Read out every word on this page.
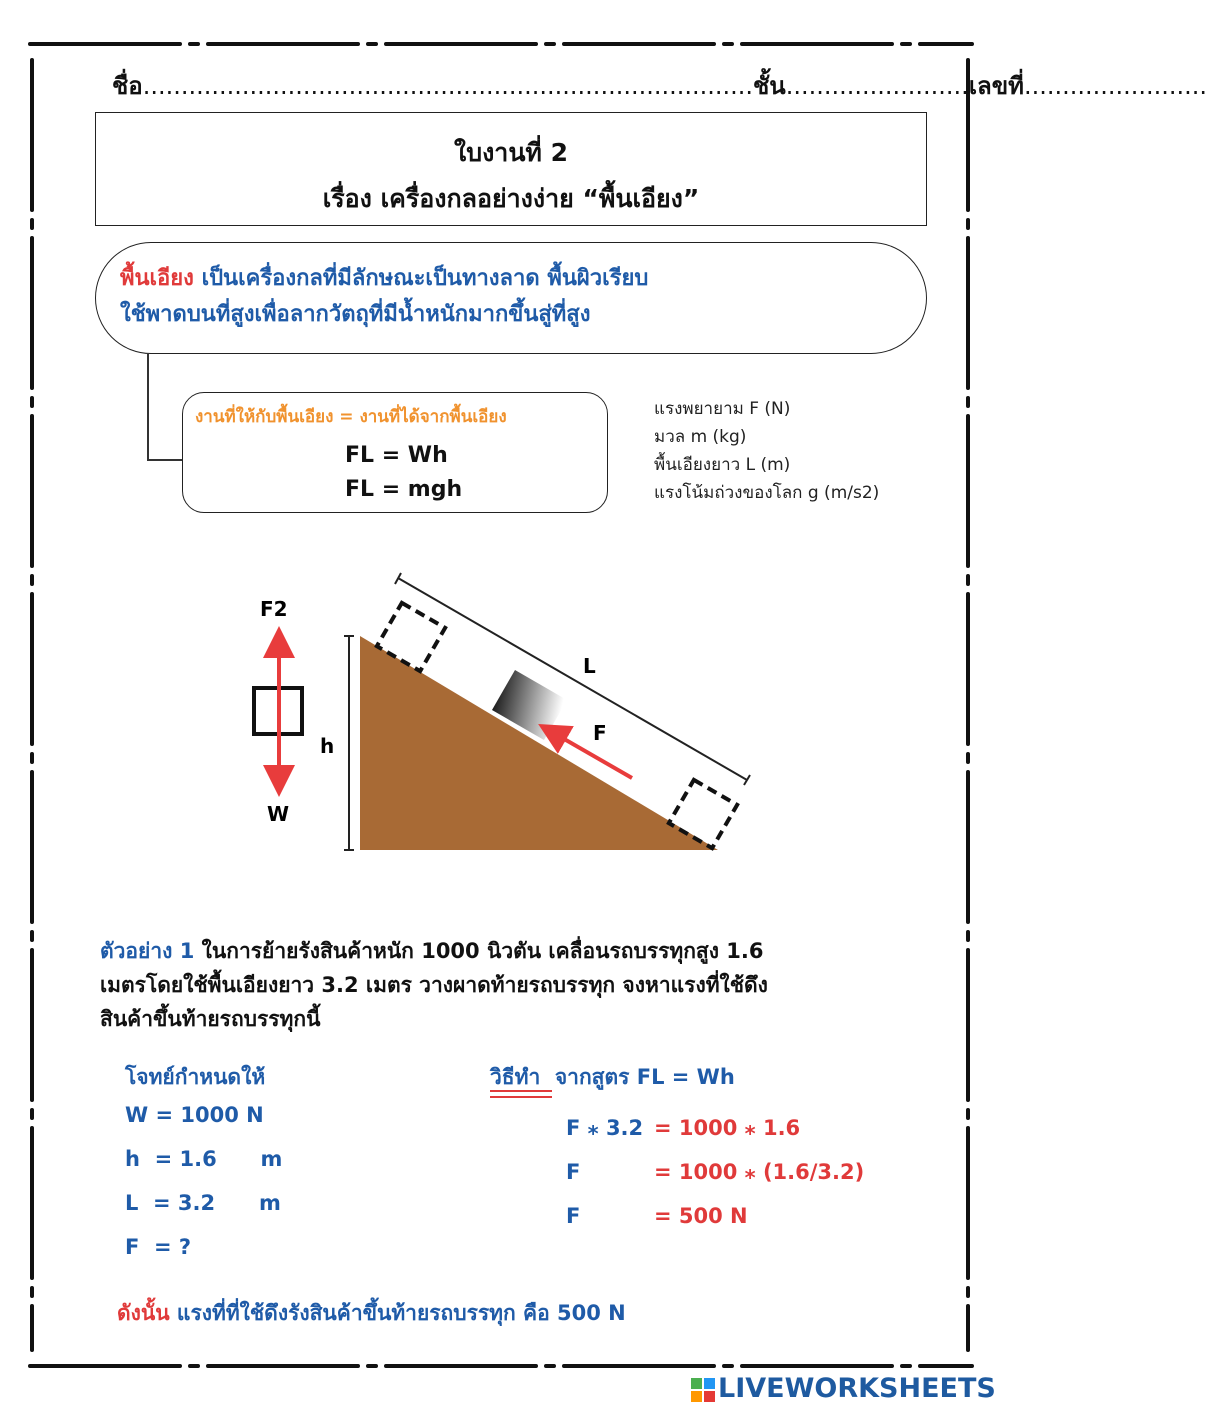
ชื่อ................................................................................ชั้น........................เลขที่........................
ใบงานที่ 2
เรื่อง เครื่องกลอย่างง่าย “พื้นเอียง”
พื้นเอียง เป็นเครื่องกลที่มีลักษณะเป็นทางลาด พื้นผิวเรียบ
ใช้พาดบนที่สูงเพื่อลากวัตถุที่มีน้ำหนักมากขึ้นสู่ที่สูง
งานที่ให้กับพื้นเอียง = งานที่ได้จากพื้นเอียง
FL = Wh
FL = mgh
แรงพยายาม F (N)
มวล m (kg)
พื้นเอียงยาว L (m)
แรงโน้มถ่วงของโลก g (m/s2)
h
L
F
F2
W
ตัวอย่าง 1 ในการย้ายรังสินค้าหนัก 1000 นิวตัน เคลื่อนรถบรรทุกสูง 1.6
เมตรโดยใช้พื้นเอียงยาว 3.2 เมตร วางผาดท้ายรถบรรทุก จงหาแรงที่ใช้ดึง
สินค้าขึ้นท้ายรถบรรทุกนี้
โจทย์กำหนดให้
W = 1000 N
h  = 1.6      m
L  = 3.2      m
F  = ?
วิธีทำ จากสูตร FL = Wh
F ⁎ 3.2 = 1000 ⁎ 1.6
F	= 1000 ⁎ (1.6/3.2)
F	= 500 N
ดังนั้น แรงที่ที่ใช้ดึงรังสินค้าขึ้นท้ายรถบรรทุก คือ 500 N
LIVEWORKSHEETS
